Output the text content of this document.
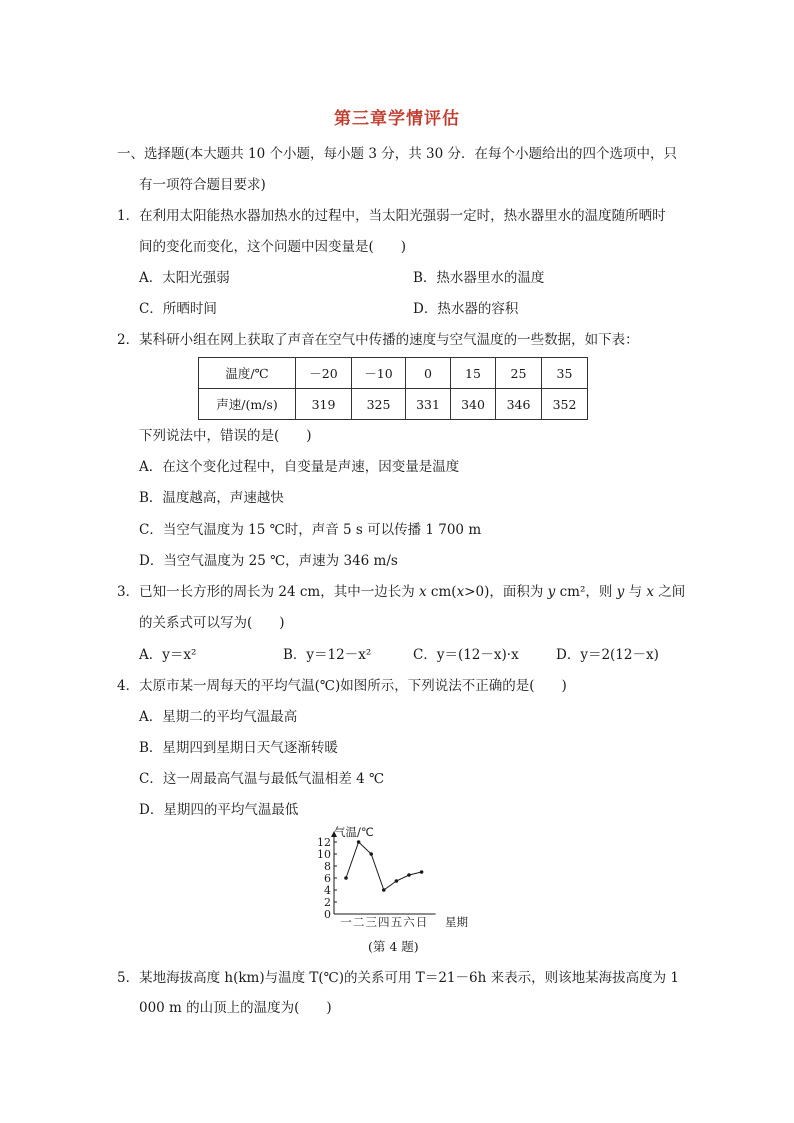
第三章学情评估
一、选择题(本大题共 10 个小题，每小题 3 分，共 30 分．在每个小题给出的四个选项中，只
有一项符合题目要求)
1．在利用太阳能热水器加热水的过程中，当太阳光强弱一定时，热水器里水的温度随所晒时
间的变化而变化，这个问题中因变量是(　　)
A．太阳光强弱	B．热水器里水的温度
C．所晒时间	D．热水器的容积
2．某科研小组在网上获取了声音在空气中传播的速度与空气温度的一些数据，如下表：
温度/℃	－20	－10	0	15	25	35
声速/(m/s)	319	325	331	340	346	352
下列说法中，错误的是(　　)
A．在这个变化过程中，自变量是声速，因变量是温度
B．温度越高，声速越快
C．当空气温度为 15 ℃时，声音 5 s 可以传播 1 700 m
D．当空气温度为 25 ℃，声速为 346 m/s
3．已知一长方形的周长为 24 cm，其中一边长为 x cm(x>0)，面积为 y cm²，则 y 与 x 之间
的关系式可以写为(　　)
A．y＝x²	B．y＝12－x²	C．y＝(12－x)·x	D．y＝2(12－x)
4．太原市某一周每天的平均气温(℃)如图所示，下列说法不正确的是(　　)
A．星期二的平均气温最高
B．星期四到星期日天气逐渐转暖
C．这一周最高气温与最低气温相差 4 ℃
D．星期四的平均气温最低
0
2
4
6
8
10
12
一 二 三 四 五 六 日
气温/℃
星期
(第 4 题)
5．某地海拔高度 h(km)与温度 T(℃)的关系可用 T＝21－6h 来表示，则该地某海拔高度为 1
000 m 的山顶上的温度为(　　)
